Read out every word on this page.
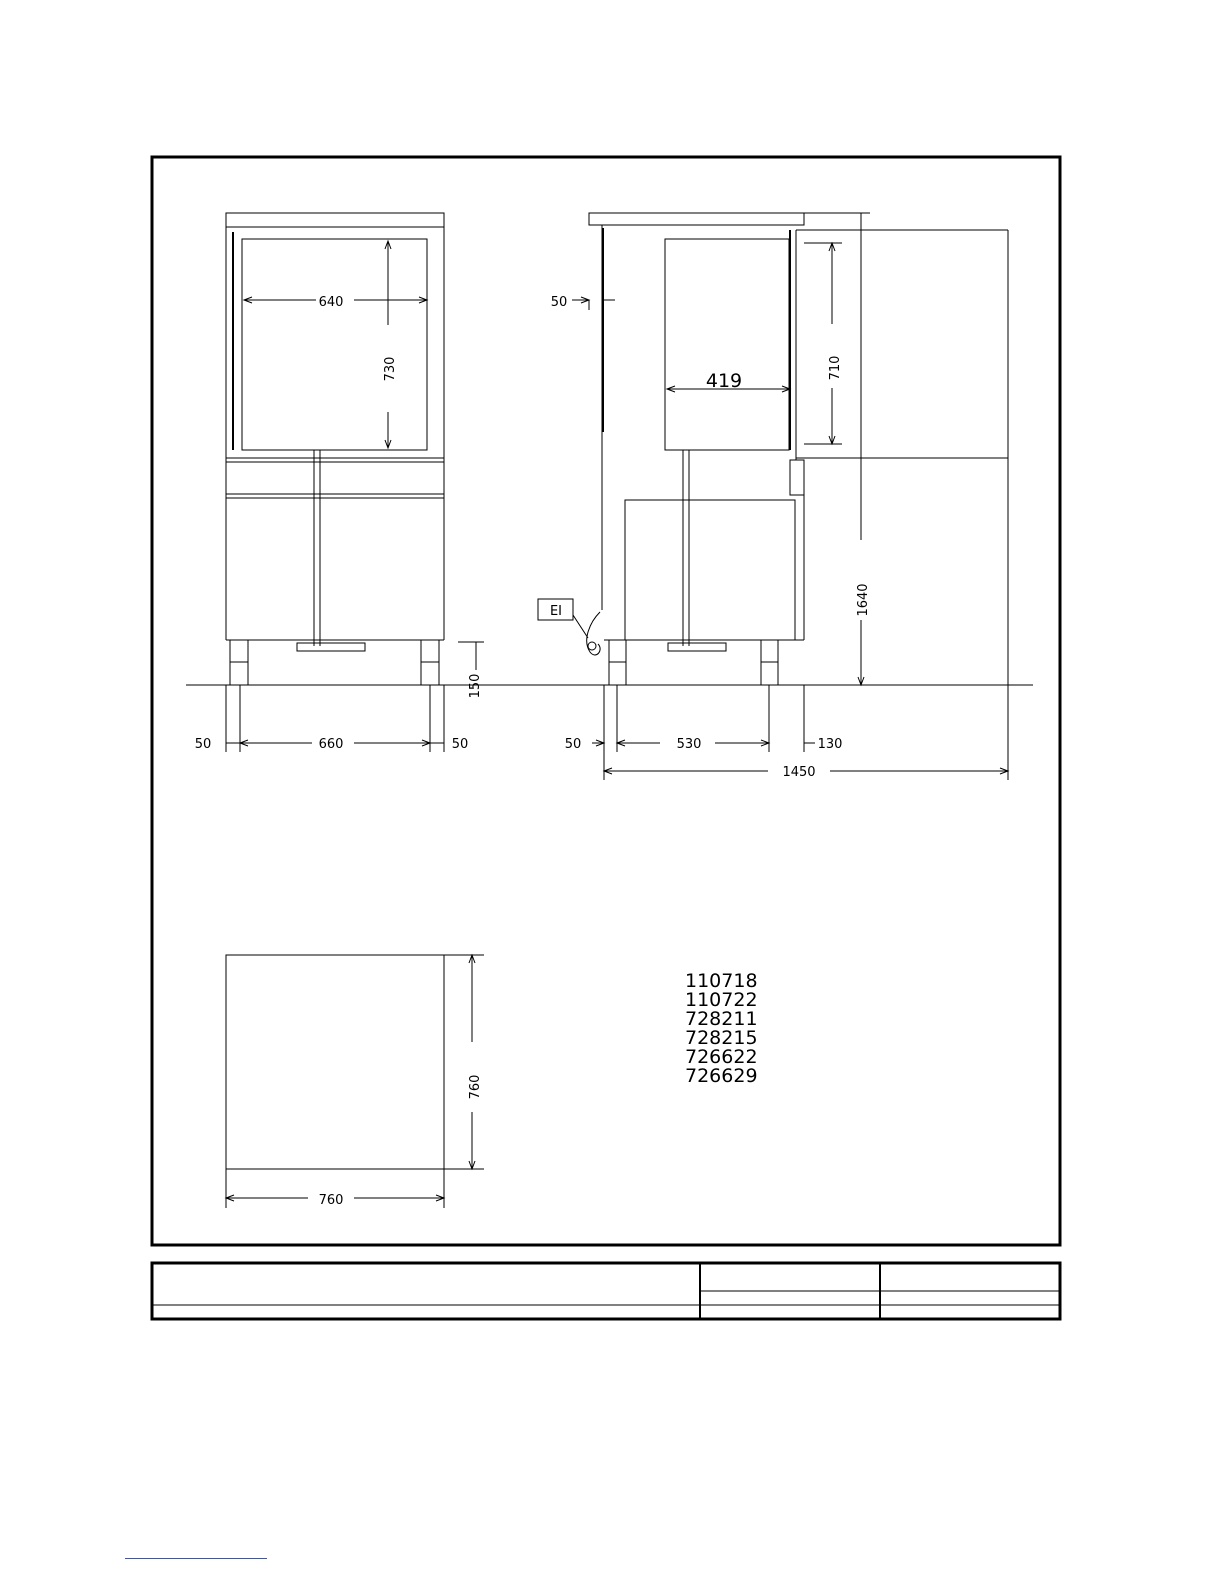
640
730
150
50	660	50
50
419
710
1640
50	530	130
1450
EI
760
760
110718
110722
728211
728215
726622
726629
